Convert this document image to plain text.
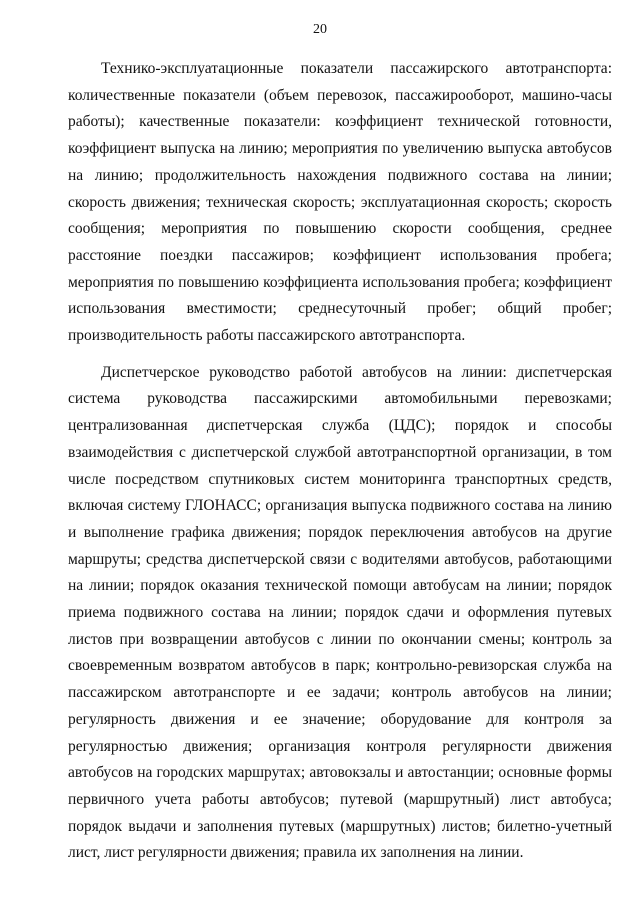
20

Технико-эксплуатационные показатели пассажирского автотранспорта: количественные показатели (объем перевозок, пассажирооборот, машино-часы работы); качественные показатели: коэффициент технической готовности, коэффициент выпуска на линию; мероприятия по увеличению выпуска автобусов на линию; продолжительность нахождения подвижного состава на линии; скорость движения; техническая скорость; эксплуатационная скорость; скорость сообщения; мероприятия по повышению скорости сообщения, среднее расстояние поездки пассажиров; коэффициент использования пробега; мероприятия по повышению коэффициента использования пробега; коэффициент использования вместимости; среднесуточный пробег; общий пробег; производительность работы пассажирского автотранспорта.

Диспетчерское руководство работой автобусов на линии: диспетчерская система руководства пассажирскими автомобильными перевозками; централизованная диспетчерская служба (ЦДС); порядок и способы взаимодействия с диспетчерской службой автотранспортной организации, в том числе посредством спутниковых систем мониторинга транспортных средств, включая систему ГЛОНАСС; организация выпуска подвижного состава на линию и выполнение графика движения; порядок переключения автобусов на другие маршруты; средства диспетчерской связи с водителями автобусов, работающими на линии; порядок оказания технической помощи автобусам на линии; порядок приема подвижного состава на линии; порядок сдачи и оформления путевых листов при возвращении автобусов с линии по окончании смены; контроль за своевременным возвратом автобусов в парк; контрольно-ревизорская служба на пассажирском автотранспорте и ее задачи; контроль автобусов на линии; регулярность движения и ее значение; оборудование для контроля за регулярностью движения; организация контроля регулярности движения автобусов на городских маршрутах; автовокзалы и автостанции; основные формы первичного учета работы автобусов; путевой (маршрутный) лист автобуса; порядок выдачи и заполнения путевых (маршрутных) листов; билетно-учетный лист, лист регулярности движения; правила их заполнения на линии.
